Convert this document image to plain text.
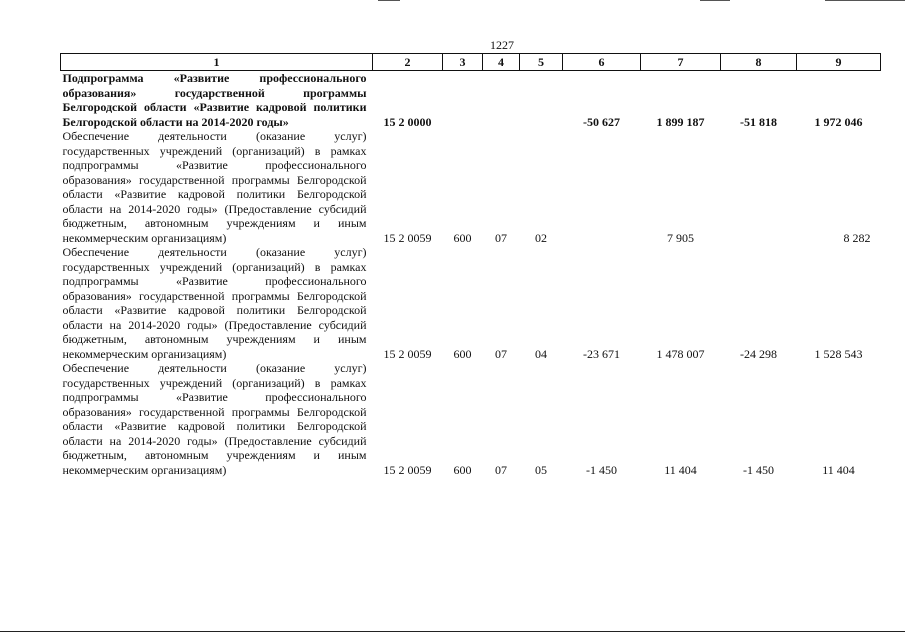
1227
1	2	3	4	5	6	7	8	9
Подпрограмма «Развитие профессионального образования» государственной программы Белгородской области «Развитие кадровой политики Белгородской области на 2014-2020 годы»	15 2 0000				-50 627	1 899 187	-51 818	1 972 046
Обеспечение деятельности (оказание услуг) государственных учреждений (организаций) в рамках подпрограммы «Развитие профессионального образования» государственной программы Белгородской области «Развитие кадровой политики Белгородской области на 2014-2020 годы» (Предоставление субсидий бюджетным, автономным учреждениям и иным некоммерческим организациям)	15 2 0059	600	07	02		7 905		8 282
Обеспечение деятельности (оказание услуг) государственных учреждений (организаций) в рамках подпрограммы «Развитие профессионального образования» государственной программы Белгородской области «Развитие кадровой политики Белгородской области на 2014-2020 годы» (Предоставление субсидий бюджетным, автономным учреждениям и иным некоммерческим организациям)	15 2 0059	600	07	04	-23 671	1 478 007	-24 298	1 528 543
Обеспечение деятельности (оказание услуг) государственных учреждений (организаций) в рамках подпрограммы «Развитие профессионального образования» государственной программы Белгородской области «Развитие кадровой политики Белгородской области на 2014-2020 годы» (Предоставление субсидий бюджетным, автономным учреждениям и иным некоммерческим организациям)	15 2 0059	600	07	05	-1 450	11 404	-1 450	11 404
